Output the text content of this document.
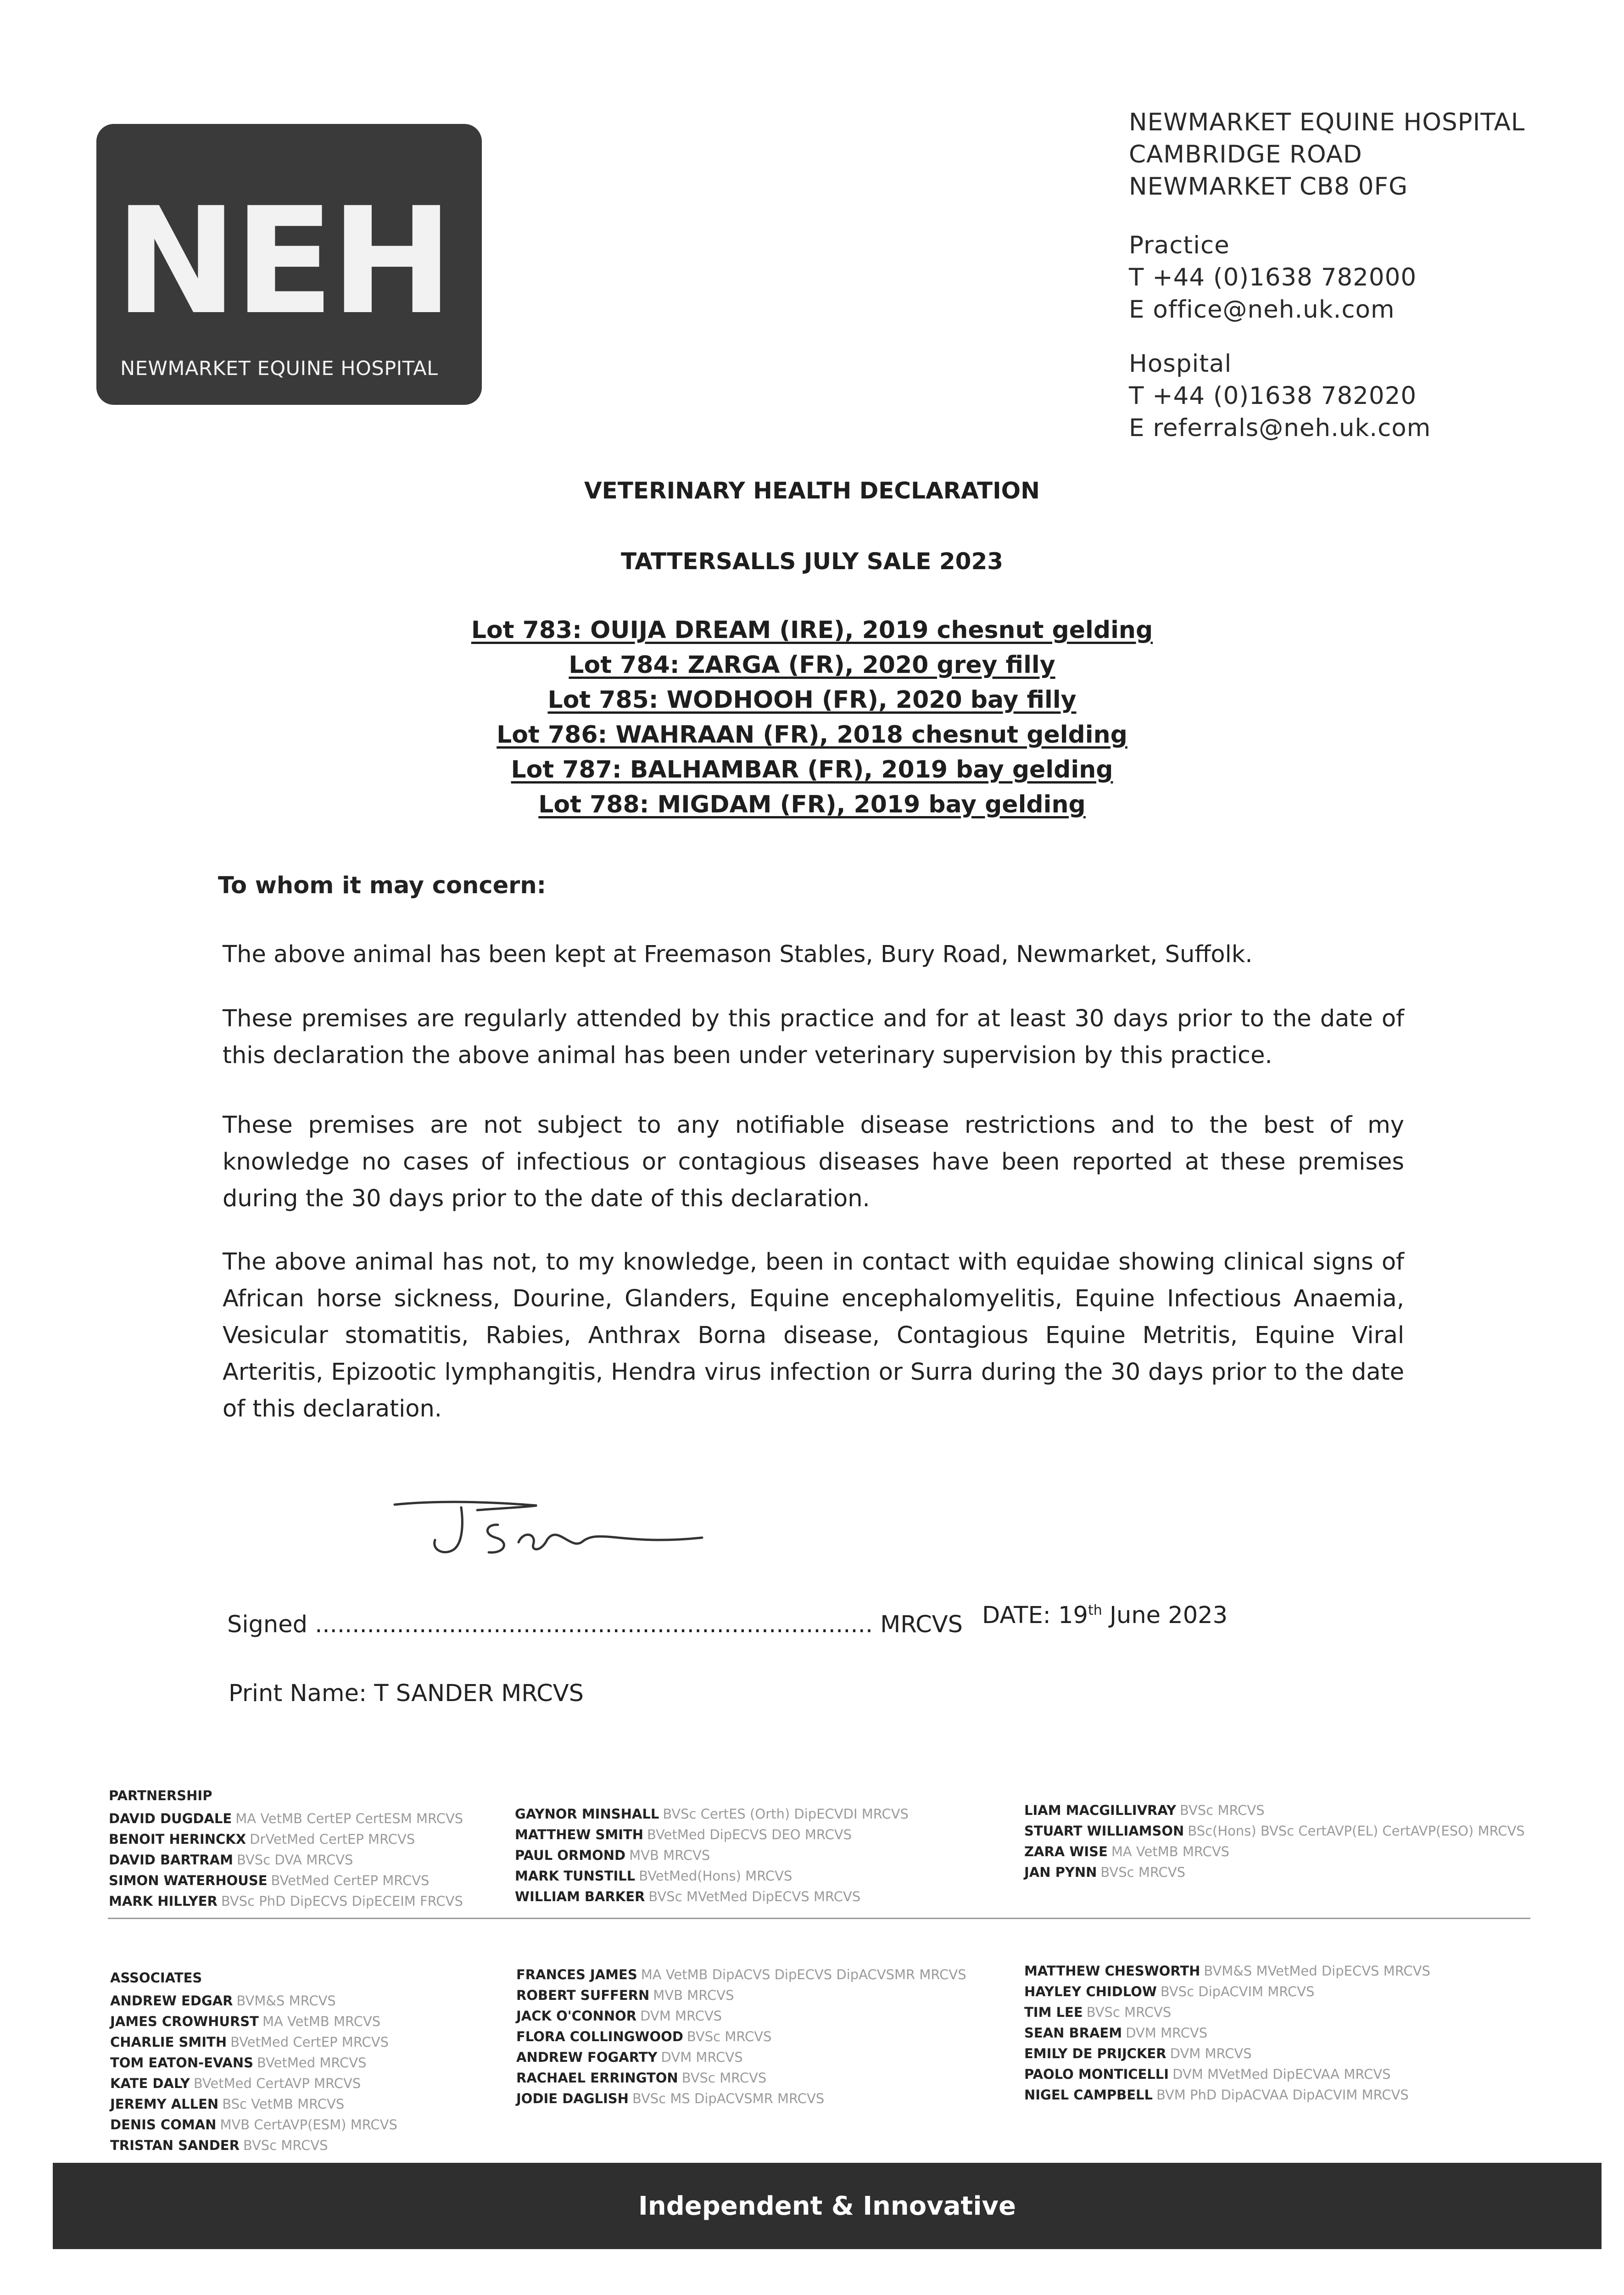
NEH
NEWMARKET EQUINE HOSPITAL
NEWMARKET EQUINE HOSPITAL
CAMBRIDGE ROAD
NEWMARKET CB8 0FG
Practice
T +44 (0)1638 782000
E office@neh.uk.com
Hospital
T +44 (0)1638 782020
E referrals@neh.uk.com
VETERINARY HEALTH DECLARATION
TATTERSALLS JULY SALE 2023
Lot 783: OUIJA DREAM (IRE), 2019 chesnut gelding
Lot 784: ZARGA (FR), 2020 grey filly
Lot 785: WODHOOH (FR), 2020 bay filly
Lot 786: WAHRAAN (FR), 2018 chesnut gelding
Lot 787: BALHAMBAR (FR), 2019 bay gelding
Lot 788: MIGDAM (FR), 2019 bay gelding
To whom it may concern:
The above animal has been kept at Freemason Stables, Bury Road, Newmarket, Suffolk.
These premises are regularly attended by this practice and for at least 30 days prior to the date of this declaration the above animal has been under veterinary supervision by this practice.
These premises are not subject to any notifiable disease restrictions and to the best of my knowledge no cases of infectious or contagious diseases have been reported at these premises during the 30 days prior to the date of this declaration.
The above animal has not, to my knowledge, been in contact with equidae showing clinical signs of African horse sickness, Dourine, Glanders, Equine encephalomyelitis, Equine Infectious Anaemia, Vesicular stomatitis, Rabies, Anthrax Borna disease, Contagious Equine Metritis, Equine Viral Arteritis, Epizootic lymphangitis, Hendra virus infection or Surra during the 30 days prior to the date of this declaration.
Signed ........................................................................... MRCVS DATE: 19th June 2023
Print Name: T SANDER MRCVS
PARTNERSHIP
DAVID DUGDALE MA VetMB CertEP CertESM MRCVS
BENOIT HERINCKX DrVetMed CertEP MRCVS
DAVID BARTRAM BVSc DVA MRCVS
SIMON WATERHOUSE BVetMed CertEP MRCVS
MARK HILLYER BVSc PhD DipECVS DipECEIM FRCVS
GAYNOR MINSHALL BVSc CertES (Orth) DipECVDI MRCVS
MATTHEW SMITH BVetMed DipECVS DEO MRCVS
PAUL ORMOND MVB MRCVS
MARK TUNSTILL BVetMed(Hons) MRCVS
WILLIAM BARKER BVSc MVetMed DipECVS MRCVS
LIAM MACGILLIVRAY BVSc MRCVS
STUART WILLIAMSON BSc(Hons) BVSc CertAVP(EL) CertAVP(ESO) MRCVS
ZARA WISE MA VetMB MRCVS
JAN PYNN BVSc MRCVS
ASSOCIATES
ANDREW EDGAR BVM&S MRCVS
JAMES CROWHURST MA VetMB MRCVS
CHARLIE SMITH BVetMed CertEP MRCVS
TOM EATON-EVANS BVetMed MRCVS
KATE DALY BVetMed CertAVP MRCVS
JEREMY ALLEN BSc VetMB MRCVS
DENIS COMAN MVB CertAVP(ESM) MRCVS
TRISTAN SANDER BVSc MRCVS
FRANCES JAMES MA VetMB DipACVS DipECVS DipACVSMR MRCVS
ROBERT SUFFERN MVB MRCVS
JACK O'CONNOR DVM MRCVS
FLORA COLLINGWOOD BVSc MRCVS
ANDREW FOGARTY DVM MRCVS
RACHAEL ERRINGTON BVSc MRCVS
JODIE DAGLISH BVSc MS DipACVSMR MRCVS
MATTHEW CHESWORTH BVM&S MVetMed DipECVS MRCVS
HAYLEY CHIDLOW BVSc DipACVIM MRCVS
TIM LEE BVSc MRCVS
SEAN BRAEM DVM MRCVS
EMILY DE PRIJCKER DVM MRCVS
PAOLO MONTICELLI DVM MVetMed DipECVAA MRCVS
NIGEL CAMPBELL BVM PhD DipACVAA DipACVIM MRCVS
Independent & Innovative
